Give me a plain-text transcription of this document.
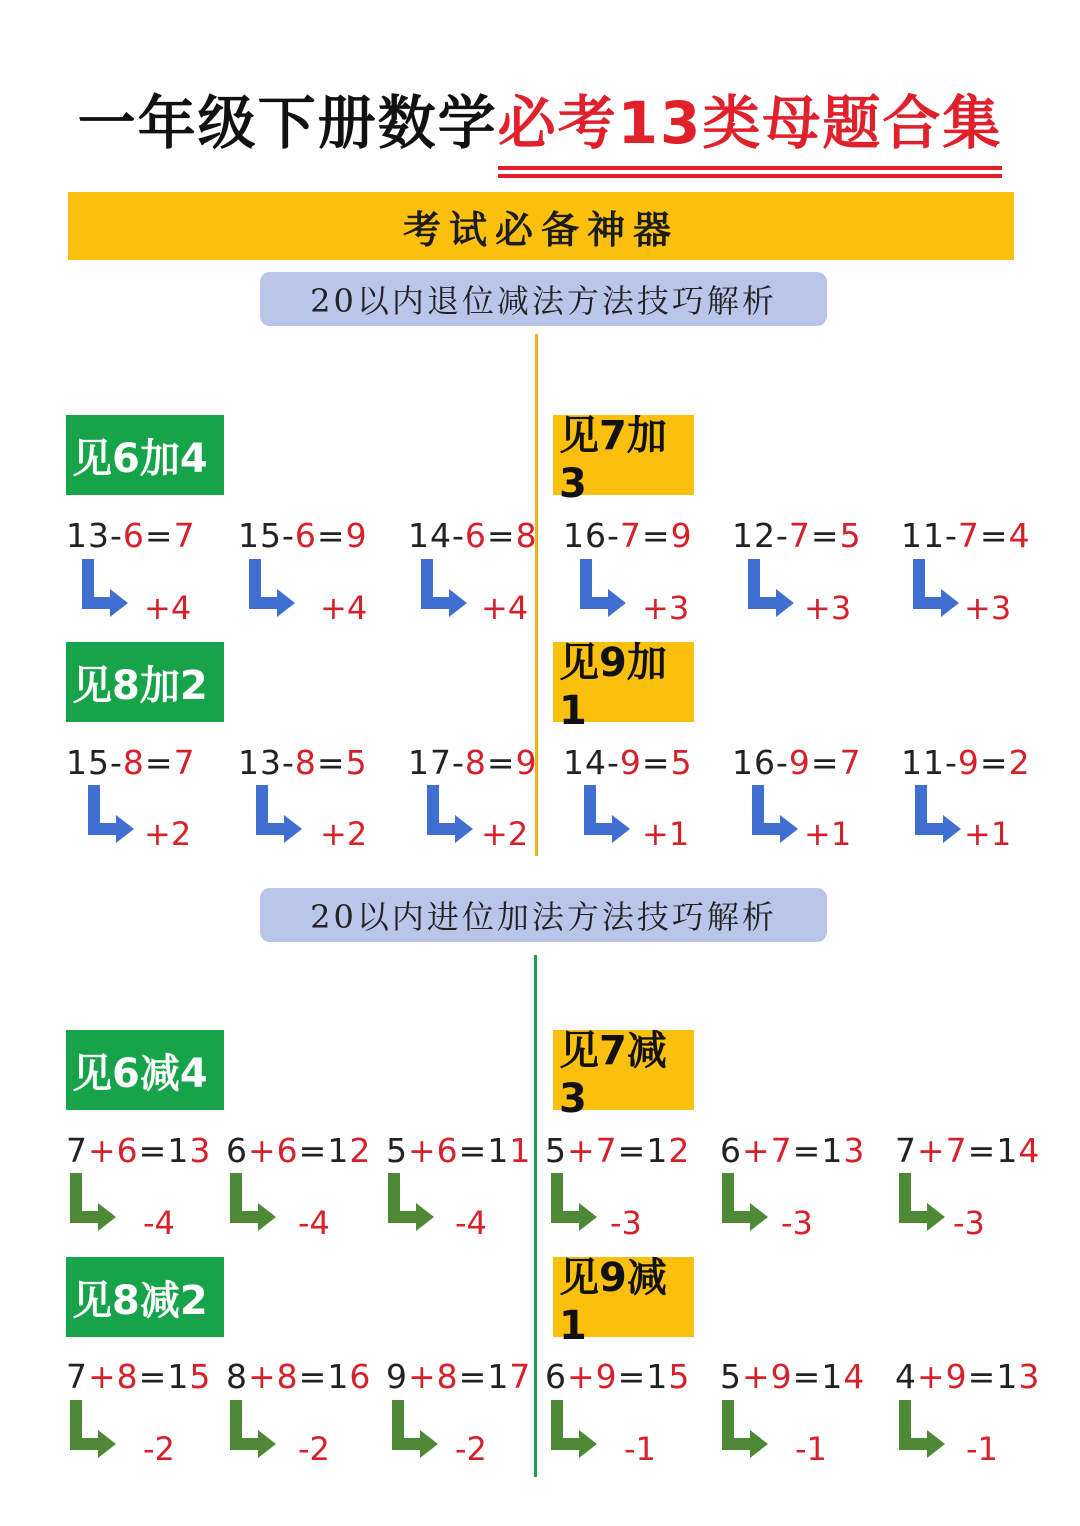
一年级下册数学必考13类母题合集
考试必备神器
20以内退位减法方法技巧解析
20以内进位加法方法技巧解析
见6加4	见7加3
见8加2	见9加1
13-6=7
+4
15-6=9
+4
14-6=8
+4
16-7=9
+3
12-7=5
+3
11-7=4
+3
15-8=7
+2
13-8=5
+2
17-8=9
+2
14-9=5
+1
16-9=7
+1
11-9=2
+1
见6减4	见7减3
见8减2	见9减1
7+6=13
-4
6+6=12
-4
5+6=11
-4
5+7=12
-3
6+7=13
-3
7+7=14
-3
7+8=15
-2
8+8=16
-2
9+8=17
-2
6+9=15
-1
5+9=14
-1
4+9=13
-1
